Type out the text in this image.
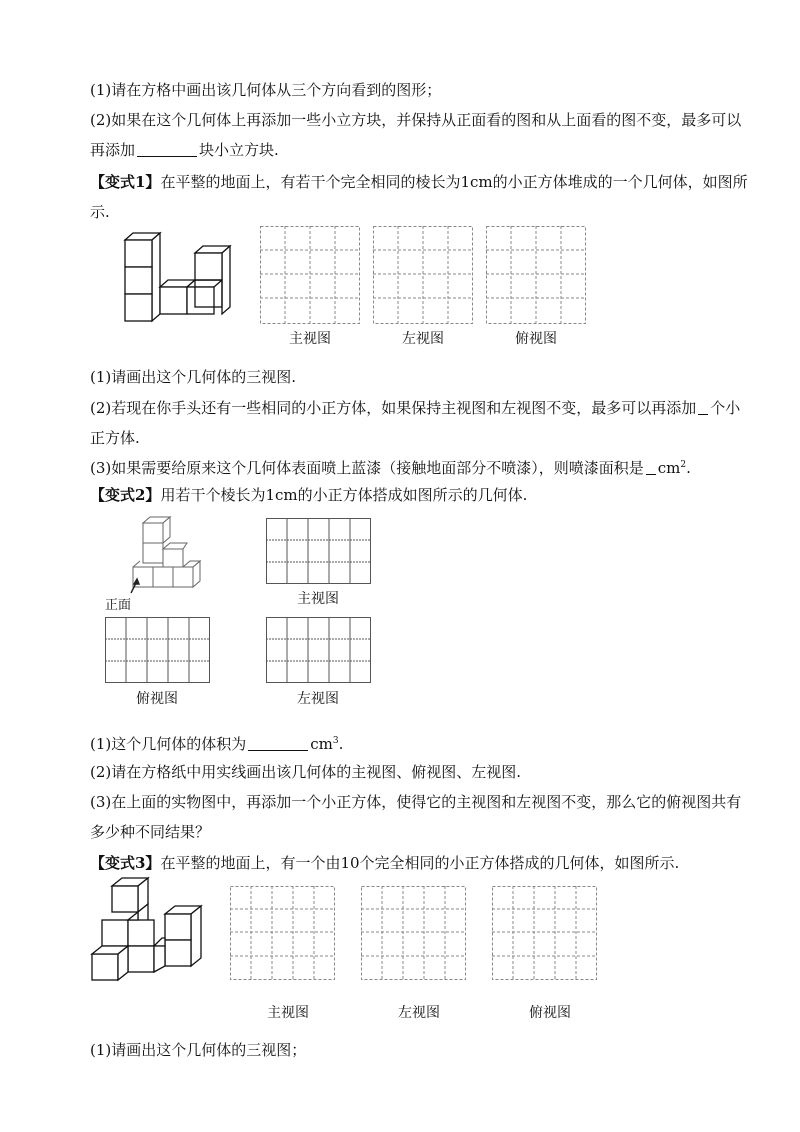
(1)请在方格中画出该几何体从三个方向看到的图形；
(2)如果在这个几何体上再添加一些小立方块，并保持从正面看的图和从上面看的图不变，最多可以
再添加	块小立方块.
【变式1】在平整的地面上，有若干个完全相同的棱长为1cm的小正方体堆成的一个几何体，如图所
示.
主视图	左视图	俯视图
(1)请画出这个几何体的三视图.
(2)若现在你手头还有一些相同的小正方体，如果保持主视图和左视图不变，最多可以再添加 个小
正方体.
(3)如果需要给原来这个几何体表面喷上蓝漆（接触地面部分不喷漆），则喷漆面积是 $cm^2$.
【变式2】用若干个棱长为1cm的小正方体搭成如图所示的几何体.
正面	主视图
俯视图	左视图
(1)这个几何体的体积为	$cm^3$.
(2)请在方格纸中用实线画出该几何体的主视图、俯视图、左视图.
(3)在上面的实物图中，再添加一个小正方体，使得它的主视图和左视图不变，那么它的俯视图共有
多少种不同结果？
【变式3】在平整的地面上，有一个由10个完全相同的小正方体搭成的几何体，如图所示.
主视图	左视图	俯视图
(1)请画出这个几何体的三视图；
